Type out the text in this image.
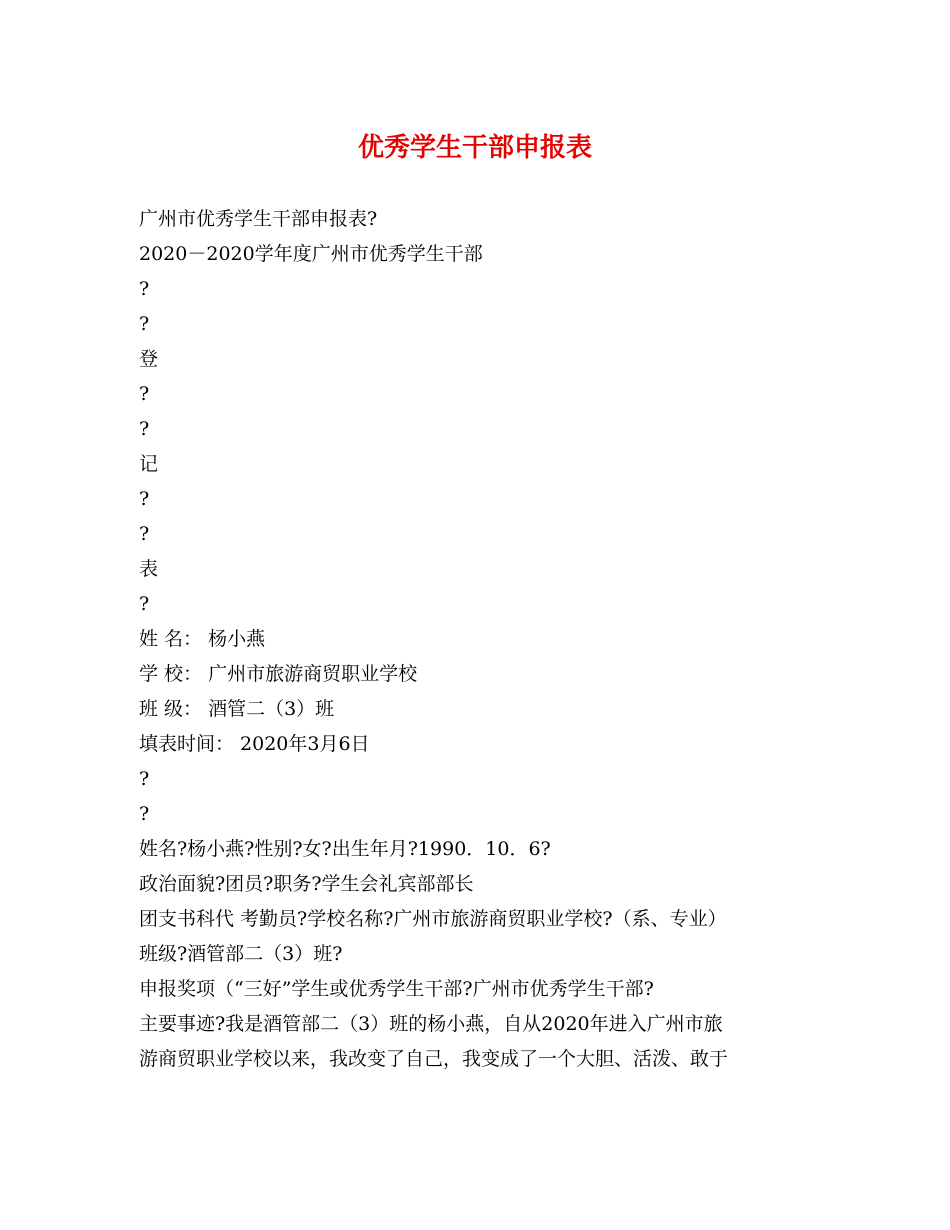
优秀学生干部申报表
广州市优秀学生干部申报表?
2020－2020学年度广州市优秀学生干部
?
?
登
?
?
记
?
?
表
?
姓 名： 杨小燕
学 校： 广州市旅游商贸职业学校
班 级： 酒管二（3）班
填表时间： 2020年3月6日
?
?
姓名?杨小燕?性别?女?出生年月?1990．10．6?
政治面貌?团员?职务?学生会礼宾部部长
团支书科代 考勤员?学校名称?广州市旅游商贸职业学校?（系、专业）
班级?酒管部二（3）班?
申报奖项（“三好”学生或优秀学生干部?广州市优秀学生干部?
主要事迹?我是酒管部二（3）班的杨小燕，自从2020年进入广州市旅
游商贸职业学校以来，我改变了自己，我变成了一个大胆、活泼、敢于
